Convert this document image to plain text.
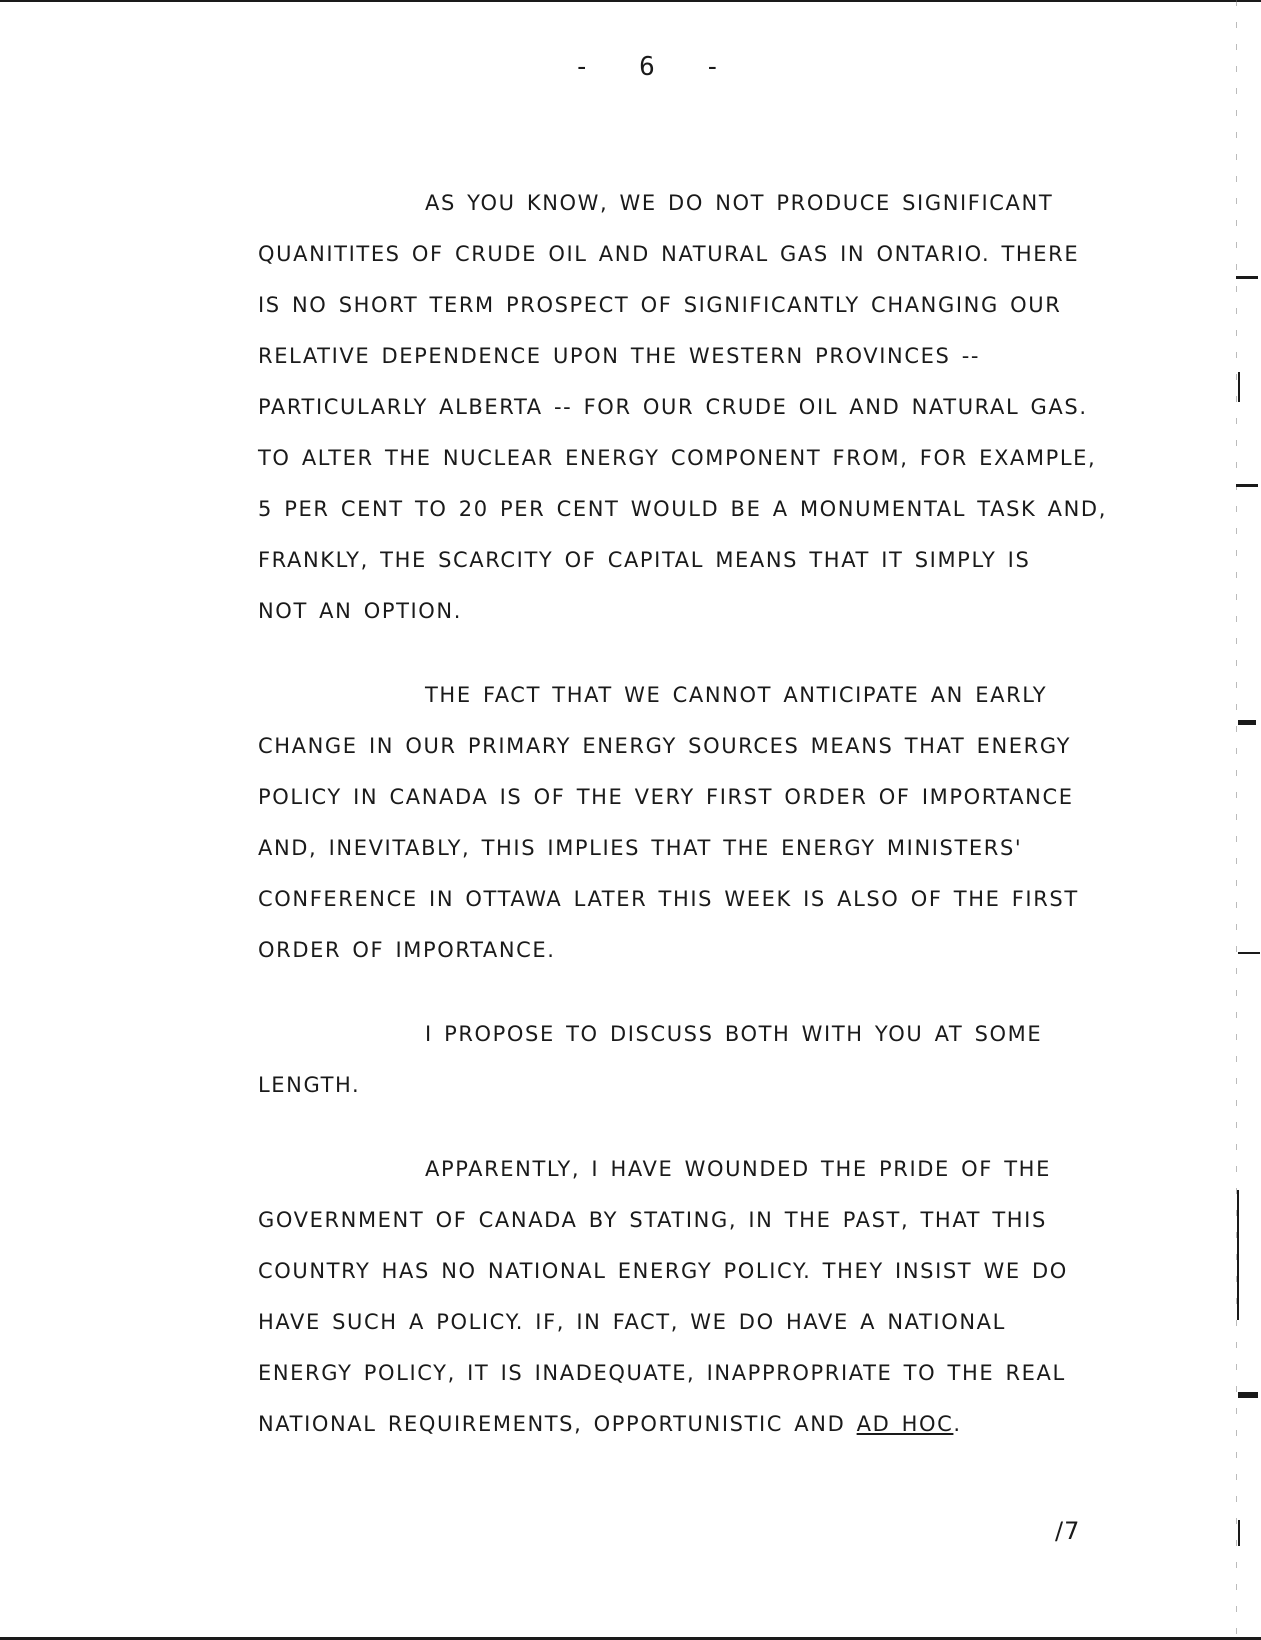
- 6 -

AS YOU KNOW, WE DO NOT PRODUCE SIGNIFICANT
QUANITITES OF CRUDE OIL AND NATURAL GAS IN ONTARIO. THERE
IS NO SHORT TERM PROSPECT OF SIGNIFICANTLY CHANGING OUR
RELATIVE DEPENDENCE UPON THE WESTERN PROVINCES --
PARTICULARLY ALBERTA -- FOR OUR CRUDE OIL AND NATURAL GAS.
TO ALTER THE NUCLEAR ENERGY COMPONENT FROM, FOR EXAMPLE,
5 PER CENT TO 20 PER CENT WOULD BE A MONUMENTAL TASK AND,
FRANKLY, THE SCARCITY OF CAPITAL MEANS THAT IT SIMPLY IS
NOT AN OPTION.

THE FACT THAT WE CANNOT ANTICIPATE AN EARLY
CHANGE IN OUR PRIMARY ENERGY SOURCES MEANS THAT ENERGY
POLICY IN CANADA IS OF THE VERY FIRST ORDER OF IMPORTANCE
AND, INEVITABLY, THIS IMPLIES THAT THE ENERGY MINISTERS'
CONFERENCE IN OTTAWA LATER THIS WEEK IS ALSO OF THE FIRST
ORDER OF IMPORTANCE.

I PROPOSE TO DISCUSS BOTH WITH YOU AT SOME
LENGTH.

APPARENTLY, I HAVE WOUNDED THE PRIDE OF THE
GOVERNMENT OF CANADA BY STATING, IN THE PAST, THAT THIS
COUNTRY HAS NO NATIONAL ENERGY POLICY. THEY INSIST WE DO
HAVE SUCH A POLICY. IF, IN FACT, WE DO HAVE A NATIONAL
ENERGY POLICY, IT IS INADEQUATE, INAPPROPRIATE TO THE REAL
NATIONAL REQUIREMENTS, OPPORTUNISTIC AND AD HOC.

/7
